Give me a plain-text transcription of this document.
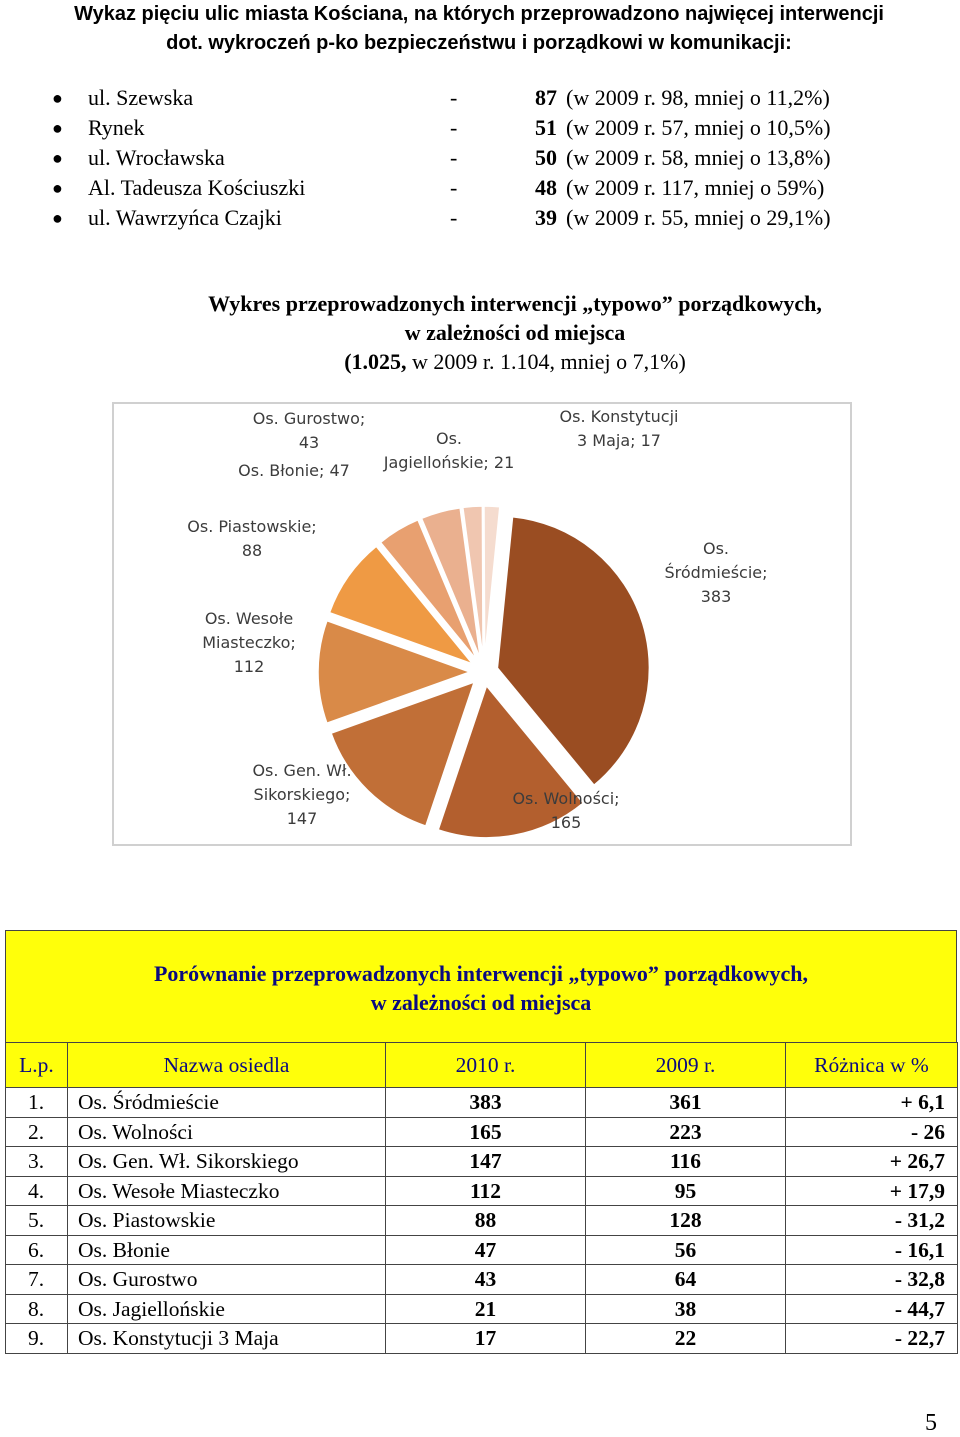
Wykaz pięciu ulic miasta Kościana, na których przeprowadzono najwięcej interwencji
dot. wykroczeń p-ko bezpieczeństwu i porządkowi w komunikacji:
● ul. Szewska	-	87 (w 2009 r. 98, mniej o 11,2%)
● Rynek	-	51 (w 2009 r. 57, mniej o 10,5%)
● ul. Wrocławska	-	50 (w 2009 r. 58, mniej o 13,8%)
● Al. Tadeusza Kościuszki	-	48 (w 2009 r. 117, mniej o 59%)
● ul. Wawrzyńca Czajki	-	39 (w 2009 r. 55, mniej o 29,1%)
Wykres przeprowadzonych interwencji „typowo” porządkowych,
w zależności od miejsca
(1.025, w 2009 r. 1.104, mniej o 7,1%)
Os. Śródmieście; 383
Os. Wolności; 165
Os. Gen. Wł. Sikorskiego; 147
Os. Wesołe Miasteczko; 112
Os. Piastowskie; 88
Os. Błonie; 47
Os. Gurostwo; 43	Os. Jagiellońskie; 21
Os. Konstytucji 3 Maja; 17
Porównanie przeprowadzonych interwencji „typowo” porządkowych,
w zależności od miejsca
L.p.	Nazwa osiedla	2010 r.	2009 r.	Różnica w %
1.	Os. Śródmieście	383	361	+ 6,1
2.	Os. Wolności	165	223	- 26
3.	Os. Gen. Wł. Sikorskiego	147	116	+ 26,7
4.	Os. Wesołe Miasteczko	112	95	+ 17,9
5.	Os. Piastowskie	88	128	- 31,2
6.	Os. Błonie	47	56	- 16,1
7.	Os. Gurostwo	43	64	- 32,8
8.	Os. Jagiellońskie	21	38	- 44,7
9.	Os. Konstytucji 3 Maja	17	22	- 22,7
5
